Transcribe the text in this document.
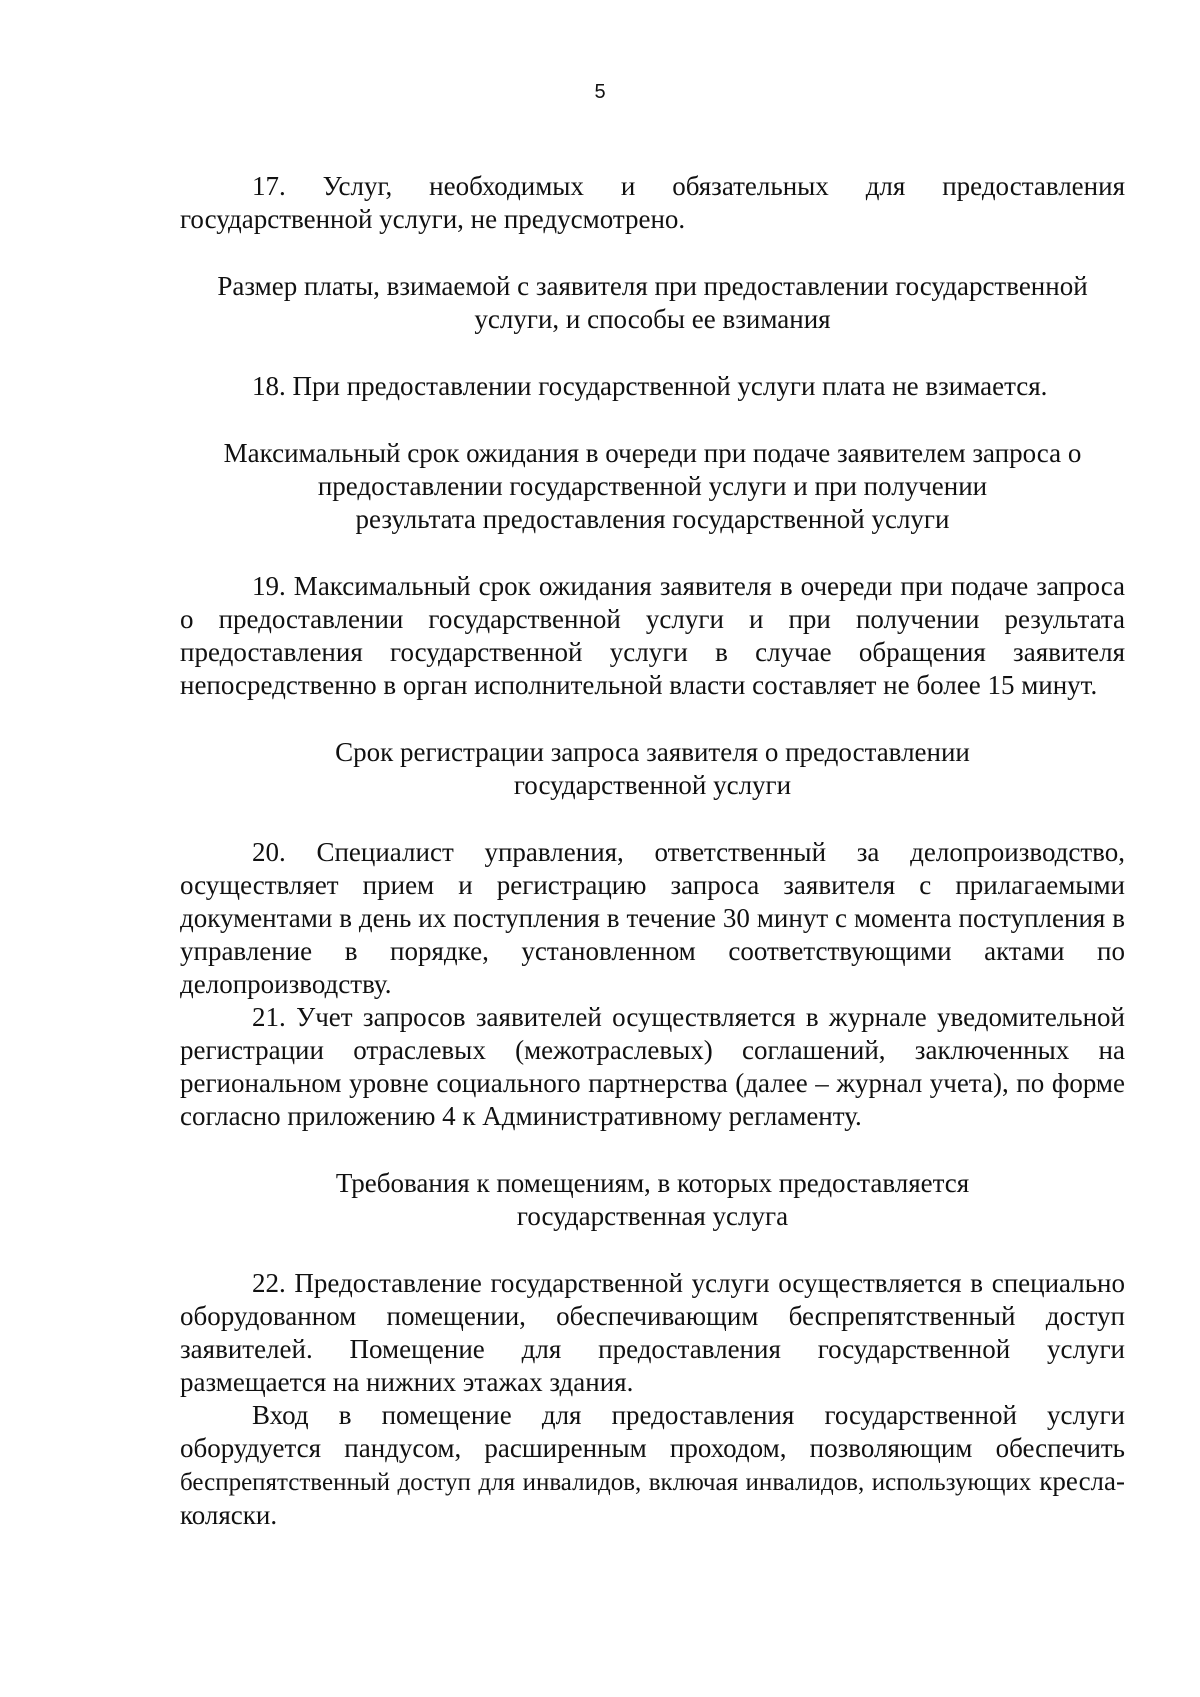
5

17. Услуг, необходимых и обязательных для предоставления государственной услуги, не предусмотрено.

Размер платы, взимаемой с заявителя при предоставлении государственной услуги, и способы ее взимания

18. При предоставлении государственной услуги плата не взимается.

Максимальный срок ожидания в очереди при подаче заявителем запроса о

предоставлении государственной услуги и при получении

результата предоставления государственной услуги

19. Максимальный срок ожидания заявителя в очереди при подаче запроса о предоставлении государственной услуги и при получении результата предоставления государственной услуги в случае обращения заявителя непосредственно в орган исполнительной власти составляет не более 15 минут.

Срок регистрации запроса заявителя о предоставлении

государственной услуги

20. Специалист управления, ответственный за делопроизводство, осуществляет прием и регистрацию запроса заявителя с прилагаемыми документами в день их поступления в течение 30 минут с момента поступления в управление в порядке, установленном соответствующими актами по делопроизводству.

21. Учет запросов заявителей осуществляется в журнале уведомительной регистрации отраслевых (межотраслевых) соглашений, заключенных на региональном уровне социального партнерства (далее – журнал учета), по форме согласно приложению 4 к Административному регламенту.

Требования к помещениям, в которых предоставляется

государственная услуга

22. Предоставление государственной услуги осуществляется в специально оборудованном помещении, обеспечивающим беспрепятственный доступ заявителей. Помещение для предоставления государственной услуги размещается на нижних этажах здания.

Вход в помещение для предоставления государственной услуги оборудуется пандусом, расширенным проходом, позволяющим обеспечить беспрепятственный доступ для инвалидов, включая инвалидов, использующих кресла-коляски.
